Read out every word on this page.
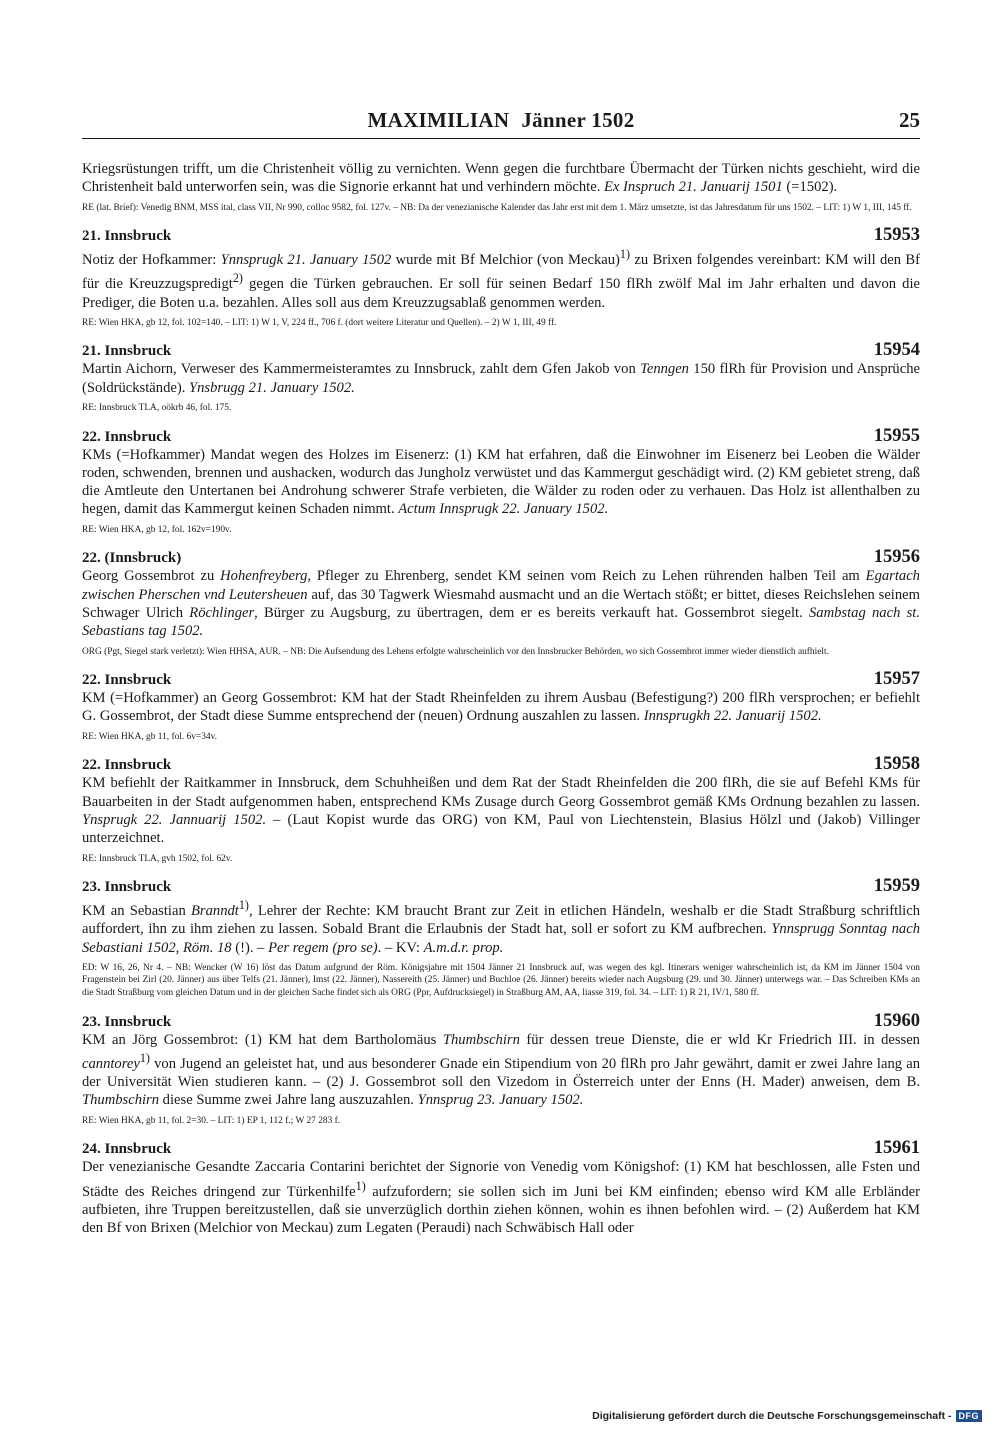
MAXIMILIAN Jänner 1502	25

Kriegsrüstungen trifft, um die Christenheit völlig zu vernichten. Wenn gegen die furchtbare Übermacht der Türken nichts geschieht, wird die Christenheit bald unterworfen sein, was die Signorie erkannt hat und verhindern möchte. Ex Inspruch 21. Januarij 1501 (=1502).

RE (lat. Brief): Venedig BNM, MSS ital, class VII, Nr 990, colloc 9582, fol. 127v. – NB: Da der venezianische Kalender das Jahr erst mit dem 1. März umsetzte, ist das Jahresdatum für uns 1502. – LIT: 1) W 1, III, 145 ff.

21. Innsbruck	15953

Notiz der Hofkammer: Ynnsprugk 21. January 1502 wurde mit Bf Melchior (von Meckau)$^{1)}$ zu Brixen folgendes vereinbart: KM will den Bf für die Kreuzzugspredigt$^{2)}$ gegen die Türken gebrauchen. Er soll für seinen Bedarf 150 flRh zwölf Mal im Jahr erhalten und davon die Prediger, die Boten u.a. bezahlen. Alles soll aus dem Kreuzzugsablaß genommen werden.

RE: Wien HKA, gb 12, fol. 102=140. – LIT: 1) W 1, V, 224 ff., 706 f. (dort weitere Literatur und Quellen). – 2) W 1, III, 49 ff.

21. Innsbruck	15954

Martin Aichorn, Verweser des Kammermeisteramtes zu Innsbruck, zahlt dem Gfen Jakob von Tenngen 150 flRh für Provision und Ansprüche (Soldrückstände). Ynsbrugg 21. January 1502.

RE: Innsbruck TLA, oökrb 46, fol. 175.

22. Innsbruck	15955

KMs (=Hofkammer) Mandat wegen des Holzes im Eisenerz: (1) KM hat erfahren, daß die Einwohner im Eisenerz bei Leoben die Wälder roden, schwenden, brennen und aushacken, wodurch das Jungholz verwüstet und das Kammergut geschädigt wird. (2) KM gebietet streng, daß die Amtleute den Untertanen bei Androhung schwerer Strafe verbieten, die Wälder zu roden oder zu verhauen. Das Holz ist allenthalben zu hegen, damit das Kammergut keinen Schaden nimmt. Actum Innsprugk 22. January 1502.

RE: Wien HKA, gb 12, fol. 162v=190v.

22. (Innsbruck)	15956

Georg Gossembrot zu Hohenfreyberg, Pfleger zu Ehrenberg, sendet KM seinen vom Reich zu Lehen rührenden halben Teil am Egartach zwischen Pherschen vnd Leutersheuen auf, das 30 Tagwerk Wiesmahd ausmacht und an die Wertach stößt; er bittet, dieses Reichslehen seinem Schwager Ulrich Röchlinger, Bürger zu Augsburg, zu übertragen, dem er es bereits verkauft hat. Gossembrot siegelt. Sambstag nach st. Sebastians tag 1502.

ORG (Pgt, Siegel stark verletzt): Wien HHSA, AUR. – NB: Die Aufsendung des Lehens erfolgte wahrscheinlich vor den Innsbrucker Behörden, wo sich Gossembrot immer wieder dienstlich aufhielt.

22. Innsbruck	15957

KM (=Hofkammer) an Georg Gossembrot: KM hat der Stadt Rheinfelden zu ihrem Ausbau (Befestigung?) 200 flRh versprochen; er befiehlt G. Gossembrot, der Stadt diese Summe entsprechend der (neuen) Ordnung auszahlen zu lassen. Innsprugkh 22. Januarij 1502.

RE: Wien HKA, gb 11, fol. 6v=34v.

22. Innsbruck	15958

KM befiehlt der Raitkammer in Innsbruck, dem Schuhheißen und dem Rat der Stadt Rheinfelden die 200 flRh, die sie auf Befehl KMs für Bauarbeiten in der Stadt aufgenommen haben, entsprechend KMs Zusage durch Georg Gossembrot gemäß KMs Ordnung bezahlen zu lassen. Ynsprugk 22. Jannuarij 1502. – (Laut Kopist wurde das ORG) von KM, Paul von Liechtenstein, Blasius Hölzl und (Jakob) Villinger unterzeichnet.

RE: Innsbruck TLA, gvh 1502, fol. 62v.

23. Innsbruck	15959

KM an Sebastian Branndt$^{1)}$, Lehrer der Rechte: KM braucht Brant zur Zeit in etlichen Händeln, weshalb er die Stadt Straßburg schriftlich auffordert, ihn zu ihm ziehen zu lassen. Sobald Brant die Erlaubnis der Stadt hat, soll er sofort zu KM aufbrechen. Ynnsprugg Sonntag nach Sebastiani 1502, Röm. 18 (!). – Per regem (pro se). – KV: A.m.d.r. prop.

ED: W 16, 26, Nr 4. – NB: Wencker (W 16) löst das Datum aufgrund der Röm. Königsjahre mit 1504 Jänner 21 Innsbruck auf, was wegen des kgl. Itinerars weniger wahrscheinlich ist, da KM im Jänner 1504 von Fragenstein bei Zirl (20. Jänner) aus über Telfs (21. Jänner), Imst (22. Jänner), Nassereith (25. Jänner) und Buchloe (26. Jänner) bereits wieder nach Augsburg (29. und 30. Jänner) unterwegs war. – Das Schreiben KMs an die Stadt Straßburg vom gleichen Datum und in der gleichen Sache findet sich als ORG (Ppr, Aufdrucksiegel) in Straßburg AM, AA, liasse 319, fol. 34. – LIT: 1) R 21, IV/1, 580 ff.

23. Innsbruck	15960

KM an Jörg Gossembrot: (1) KM hat dem Bartholomäus Thumbschirn für dessen treue Dienste, die er wld Kr Friedrich III. in dessen canntorey$^{1)}$ von Jugend an geleistet hat, und aus besonderer Gnade ein Stipendium von 20 flRh pro Jahr gewährt, damit er zwei Jahre lang an der Universität Wien studieren kann. – (2) J. Gossembrot soll den Vizedom in Österreich unter der Enns (H. Mader) anweisen, dem B. Thumbschirn diese Summe zwei Jahre lang auszuzahlen. Ynnsprug 23. January 1502.

RE: Wien HKA, gb 11, fol. 2=30. – LIT: 1) EP 1, 112 f.; W 27 283 f.

24. Innsbruck	15961

Der venezianische Gesandte Zaccaria Contarini berichtet der Signorie von Venedig vom Königshof: (1) KM hat beschlossen, alle Fsten und Städte des Reiches dringend zur Türkenhilfe$^{1)}$ aufzufordern; sie sollen sich im Juni bei KM einfinden; ebenso wird KM alle Erbländer aufbieten, ihre Truppen bereitzustellen, daß sie unverzüglich dorthin ziehen können, wohin es ihnen befohlen wird. – (2) Außerdem hat KM den Bf von Brixen (Melchior von Meckau) zum Legaten (Peraudi) nach Schwäbisch Hall oder

Digitalisierung gefördert durch die Deutsche Forschungsgemeinschaft - DFG
